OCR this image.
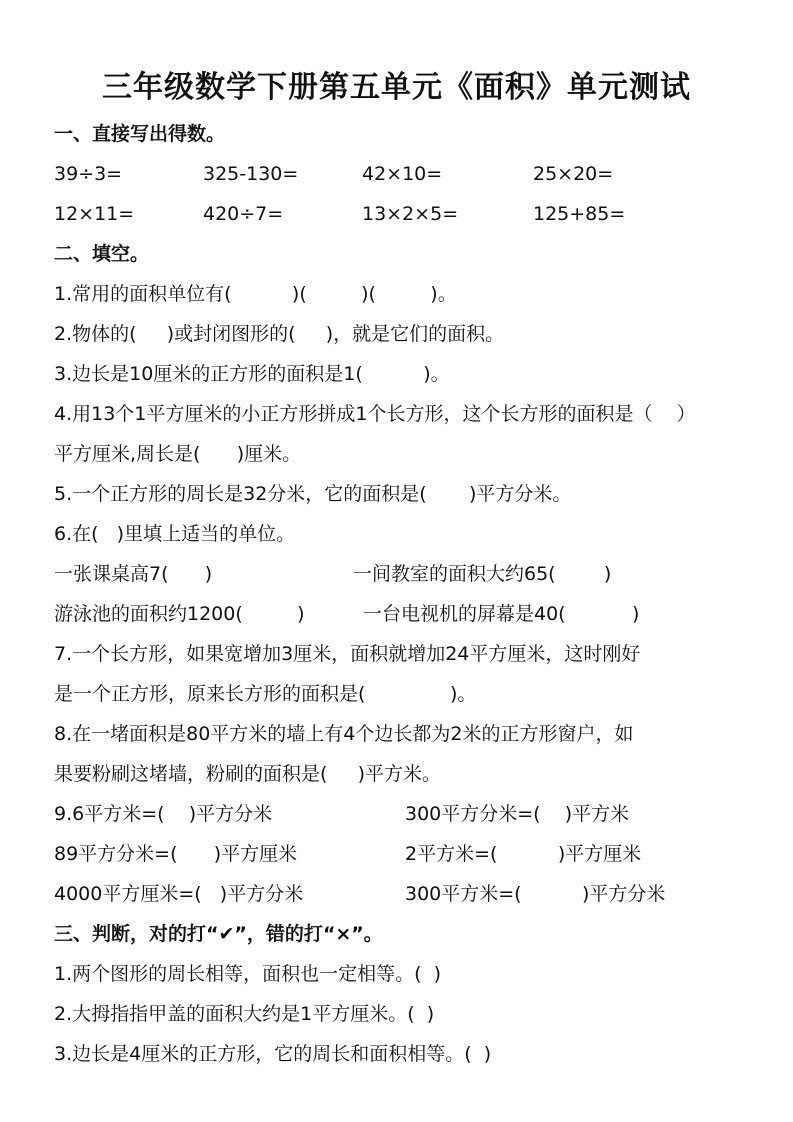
三年级数学下册第五单元《面积》单元测试
一、直接写出得数。
39÷3=	325-130=	42×10=	25×20=
12×11=	420÷7=	13×2×5=	125+85=
二、填空。
1.常用的面积单位有(          )(         )(         )。
2.物体的(     )或封闭图形的(     )，就是它们的面积。
3.边长是10厘米的正方形的面积是1(          )。
4.用13个1平方厘米的小正方形拼成1个长方形，这个长方形的面积是（    ）
平方厘米,周长是(      )厘米。
5.一个正方形的周长是32分米，它的面积是(       )平方分米。
6.在(   )里填上适当的单位。
一张课桌高7(      )	一间教室的面积大约65(        )
游泳池的面积约1200(         )	一台电视机的屏幕是40(           )
7.一个长方形，如果宽增加3厘米，面积就增加24平方厘米，这时刚好
是一个正方形，原来长方形的面积是(              )。
8.在一堵面积是80平方米的墙上有4个边长都为2米的正方形窗户，如
果要粉刷这堵墙，粉刷的面积是(     )平方米。
9.6平方米=(    )平方分米	300平方分米=(    )平方米
89平方分米=(      )平方厘米	2平方米=(          )平方厘米
4000平方厘米=(   )平方分米	300平方米=(          )平方分米
三、判断，对的打“✔”，错的打“×”。
1.两个图形的周长相等，面积也一定相等。(  )
2.大拇指指甲盖的面积大约是1平方厘米。(  )
3.边长是4厘米的正方形，它的周长和面积相等。(  )
